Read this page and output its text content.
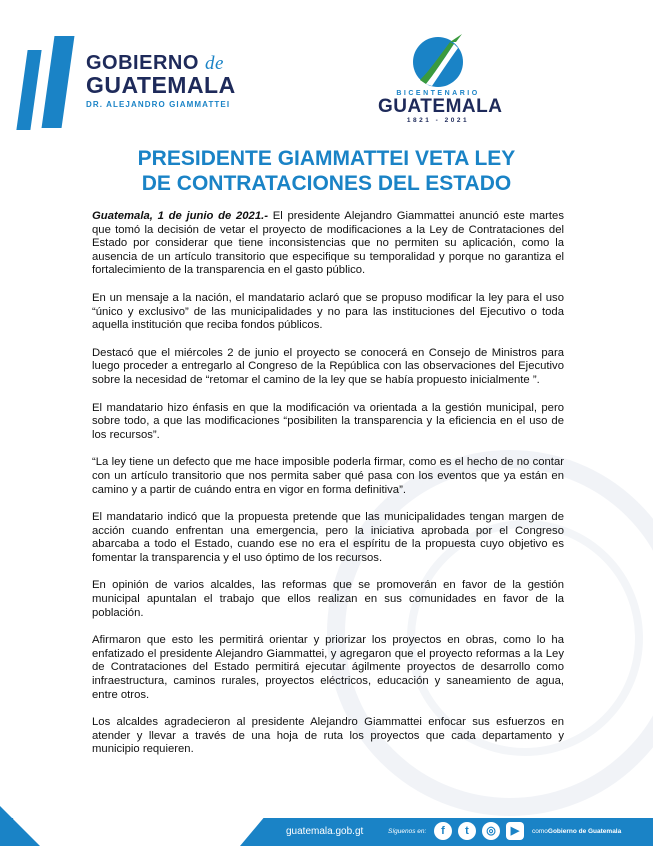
GOBIERNO de
GUATEMALA
DR. ALEJANDRO GIAMMATTEI
BICENTENARIO
GUATEMALA
1821 - 2021
PRESIDENTE GIAMMATTEI VETA LEY
DE CONTRATACIONES DEL ESTADO

Guatemala, 1 de junio de 2021.- El presidente Alejandro Giammattei anunció este martes que tomó la decisión de vetar el proyecto de modificaciones a la Ley de Contrataciones del Estado por considerar que tiene inconsistencias que no permiten su aplicación, como la ausencia de un artículo transitorio que especifique su temporalidad y porque no garantiza el fortalecimiento de la transparencia en el gasto público.

En un mensaje a la nación, el mandatario aclaró que se propuso modificar la ley para el uso “único y exclusivo” de las municipalidades y no para las instituciones del Ejecutivo o toda aquella institución que reciba fondos públicos.

Destacó que el miércoles 2 de junio el proyecto se conocerá en Consejo de Ministros para luego proceder a entregarlo al Congreso de la República con las observaciones del Ejecutivo sobre la necesidad de “retomar el camino de la ley que se había propuesto inicialmente ”.

El mandatario hizo énfasis en que la modificación va orientada a la gestión municipal, pero sobre todo, a que las modificaciones “posibiliten la transparencia y la eficiencia en el uso de los recursos”.

“La ley tiene un defecto que me hace imposible poderla firmar, como es el hecho de no contar con un artículo transitorio que nos permita saber qué pasa con los eventos que ya están en camino y a partir de cuándo entra en vigor en forma definitiva”.

El mandatario indicó que la propuesta pretende que las municipalidades tengan margen de acción cuando enfrentan una emergencia, pero la iniciativa aprobada por el Congreso abarcaba a todo el Estado, cuando ese no era el espíritu de la propuesta cuyo objetivo es fomentar la transparencia y el uso óptimo de los recursos.

En opinión de varios alcaldes, las reformas que se promoverán en favor de la gestión municipal apuntalan el trabajo que ellos realizan en sus comunidades en favor de la población.

Afirmaron que esto les permitirá orientar y priorizar los proyectos en obras, como lo ha enfatizado el presidente Alejandro Giammattei, y agregaron que el proyecto reformas a la Ley de Contrataciones del Estado permitirá ejecutar ágilmente proyectos de desarrollo como infraestructura, caminos rurales, proyectos eléctricos, educación y saneamiento de agua, entre otros.

Los alcaldes agradecieron al presidente Alejandro Giammattei enfocar sus esfuerzos en atender y llevar a través de una hoja de ruta los proyectos que cada departamento y municipio requieren.

guatemala.gob.gt	Síguenos en:	f	t	◎	▶	comoGobierno de Guatemala
